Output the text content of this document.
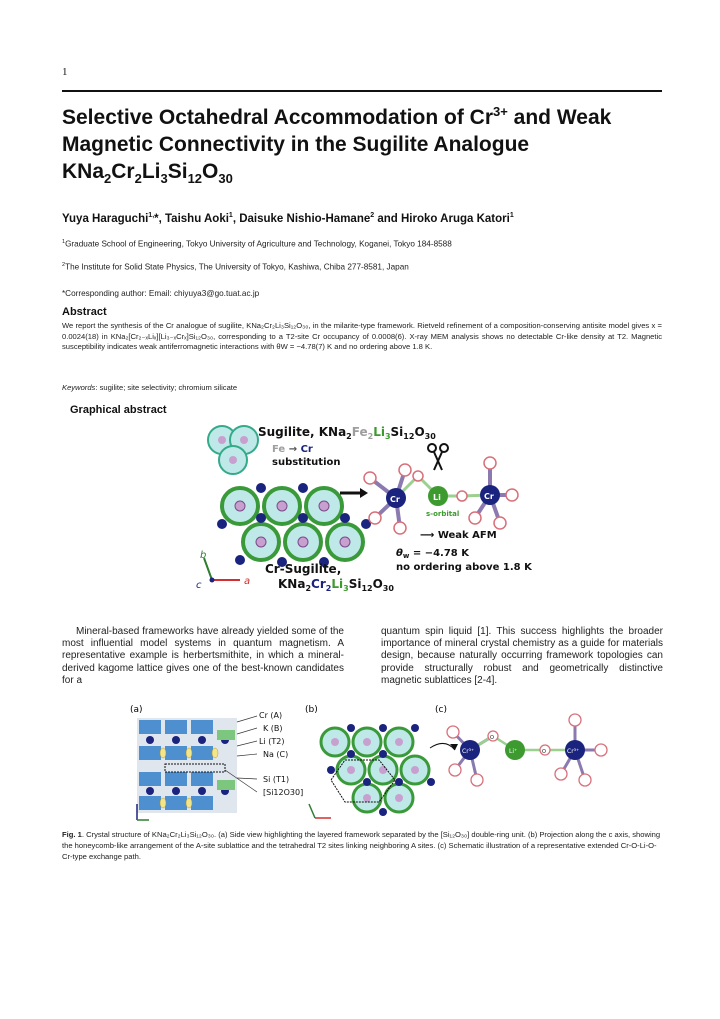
1
Selective Octahedral Accommodation of $Cr^{3+}$ and Weak
Magnetic Connectivity in the Sugilite Analogue
$KNa_2Cr_2Li_3Si_{12}O_{30}$
Yuya Haraguchi$^{1,}$*, Taishu Aoki$^1$, Daisuke Nishio-Hamane$^2$ and Hiroko Aruga Katori$^1$
$^1$Graduate School of Engineering, Tokyo University of Agriculture and Technology, Koganei, Tokyo 184-8588
$^2$The Institute for Solid State Physics, The University of Tokyo, Kashiwa, Chiba 277-8581, Japan
*Corresponding author: Email: chiyuya3@go.tuat.ac.jp
Abstract
We report the synthesis of the Cr analogue of sugilite, KNa₂Cr₂Li₃Si₁₂O₃₀, in the milarite-type framework. Rietveld refinement of a composition-conserving antisite model gives x = 0.0024(18) in KNa₂[Cr₂₋ₓLiₓ][Li₃₋ₓCrₓ]Si₁₂O₃₀, corresponding to a T2-site Cr occupancy of 0.0008(6). X-ray MEM analysis shows no detectable Cr-like density at T2. Magnetic susceptibility indicates weak antiferromagnetic interactions with θW = −4.78(7) K and no ordering above 1.8 K.
Keywords: sugilite; site selectivity; chromium silicate
Graphical abstract
Sugilite, $KNa_2Fe_2Li_3Si_{12}O_{30}$
Fe → Cr
substitution
Cr-Sugilite,
$KNa_2Cr_2Li_3Si_{12}O_{30}$
a
b
c
Cr	Li	Cr
s-orbital
⟶ Weak AFM
$\theta_w = -4.78$ K
no ordering above 1.8 K
Mineral-based frameworks have already yielded some of the most influential model systems in quantum magnetism. A representative example is herbertsmithite, in which a mineral-derived kagome lattice gives one of the best-known candidates for a
quantum spin liquid [1]. This success highlights the broader importance of mineral crystal chemistry as a guide for materials design, because naturally occurring framework topologies can provide structurally robust and geometrically distinctive magnetic sublattices [2-4].
(a)	(b)	(c)
Cr (A)
K (B)
Li (T2)
Na (C)
Si (T1)
[Si12O30]
O
O
Cr³⁺	Li⁺	Cr³⁺
Fig. 1. Crystal structure of KNa₂Cr₂Li₃Si₁₂O₃₀. (a) Side view highlighting the layered framework separated by the [Si₁₂O₃₀] double-ring unit. (b) Projection along the c axis, showing the honeycomb-like arrangement of the A-site sublattice and the tetrahedral T2 sites linking neighboring A sites. (c) Schematic illustration of a representative extended Cr-O-Li-O-Cr-type exchange path.
